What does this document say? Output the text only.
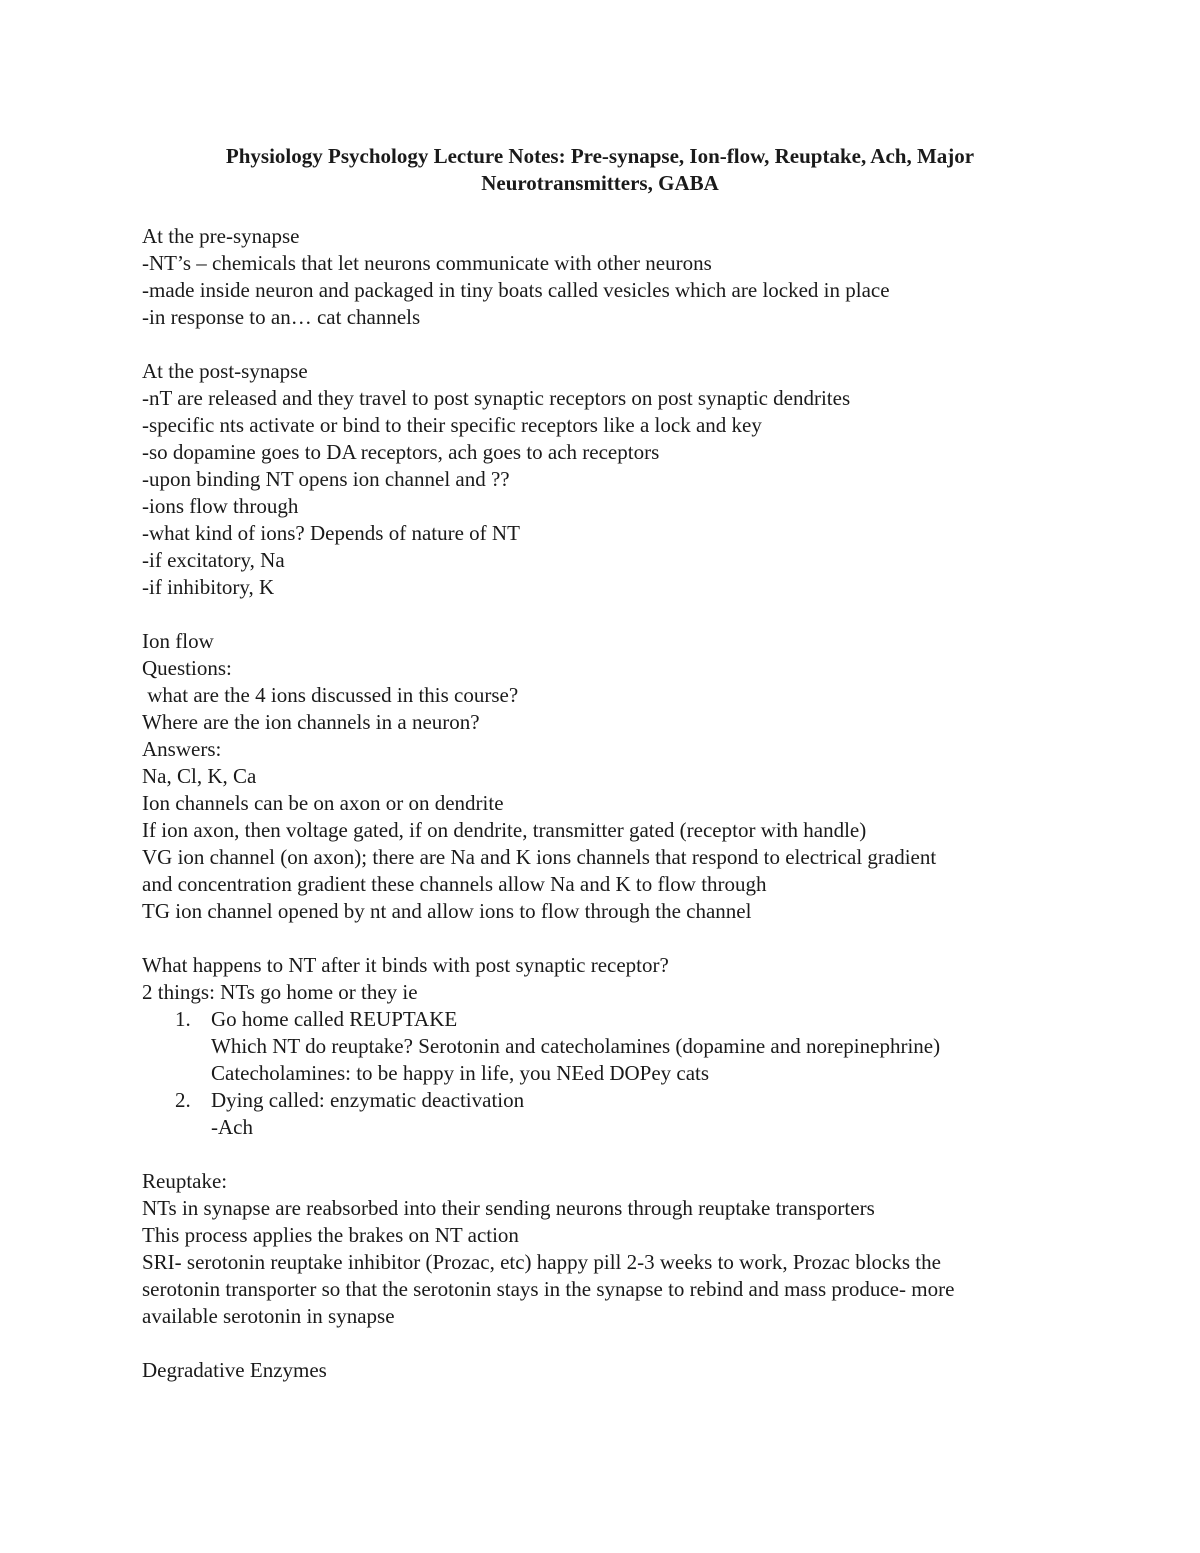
Physiology Psychology Lecture Notes: Pre-synapse, Ion-flow, Reuptake, Ach, Major
Neurotransmitters, GABA
At the pre-synapse
-NT’s – chemicals that let neurons communicate with other neurons
-made inside neuron and packaged in tiny boats called vesicles which are locked in place
-in response to an… cat channels
At the post-synapse
-nT are released and they travel to post synaptic receptors on post synaptic dendrites
-specific nts activate or bind to their specific receptors like a lock and key
-so dopamine goes to DA receptors, ach goes to ach receptors
-upon binding NT opens ion channel and ??
-ions flow through
-what kind of ions? Depends of nature of NT
-if excitatory, Na
-if inhibitory, K
Ion flow
Questions:
what are the 4 ions discussed in this course?
Where are the ion channels in a neuron?
Answers:
Na, Cl, K, Ca
Ion channels can be on axon or on dendrite
If ion axon, then voltage gated, if on dendrite, transmitter gated (receptor with handle)
VG ion channel (on axon); there are Na and K ions channels that respond to electrical gradient
and concentration gradient these channels allow Na and K to flow through
TG ion channel opened by nt and allow ions to flow through the channel
What happens to NT after it binds with post synaptic receptor?
2 things: NTs go home or they ie
1. Go home called REUPTAKE
Which NT do reuptake? Serotonin and catecholamines (dopamine and norepinephrine)
Catecholamines: to be happy in life, you NEed DOPey cats
2. Dying called: enzymatic deactivation
-Ach
Reuptake:
NTs in synapse are reabsorbed into their sending neurons through reuptake transporters
This process applies the brakes on NT action
SRI- serotonin reuptake inhibitor (Prozac, etc) happy pill 2-3 weeks to work, Prozac blocks the
serotonin transporter so that the serotonin stays in the synapse to rebind and mass produce- more
available serotonin in synapse
Degradative Enzymes
